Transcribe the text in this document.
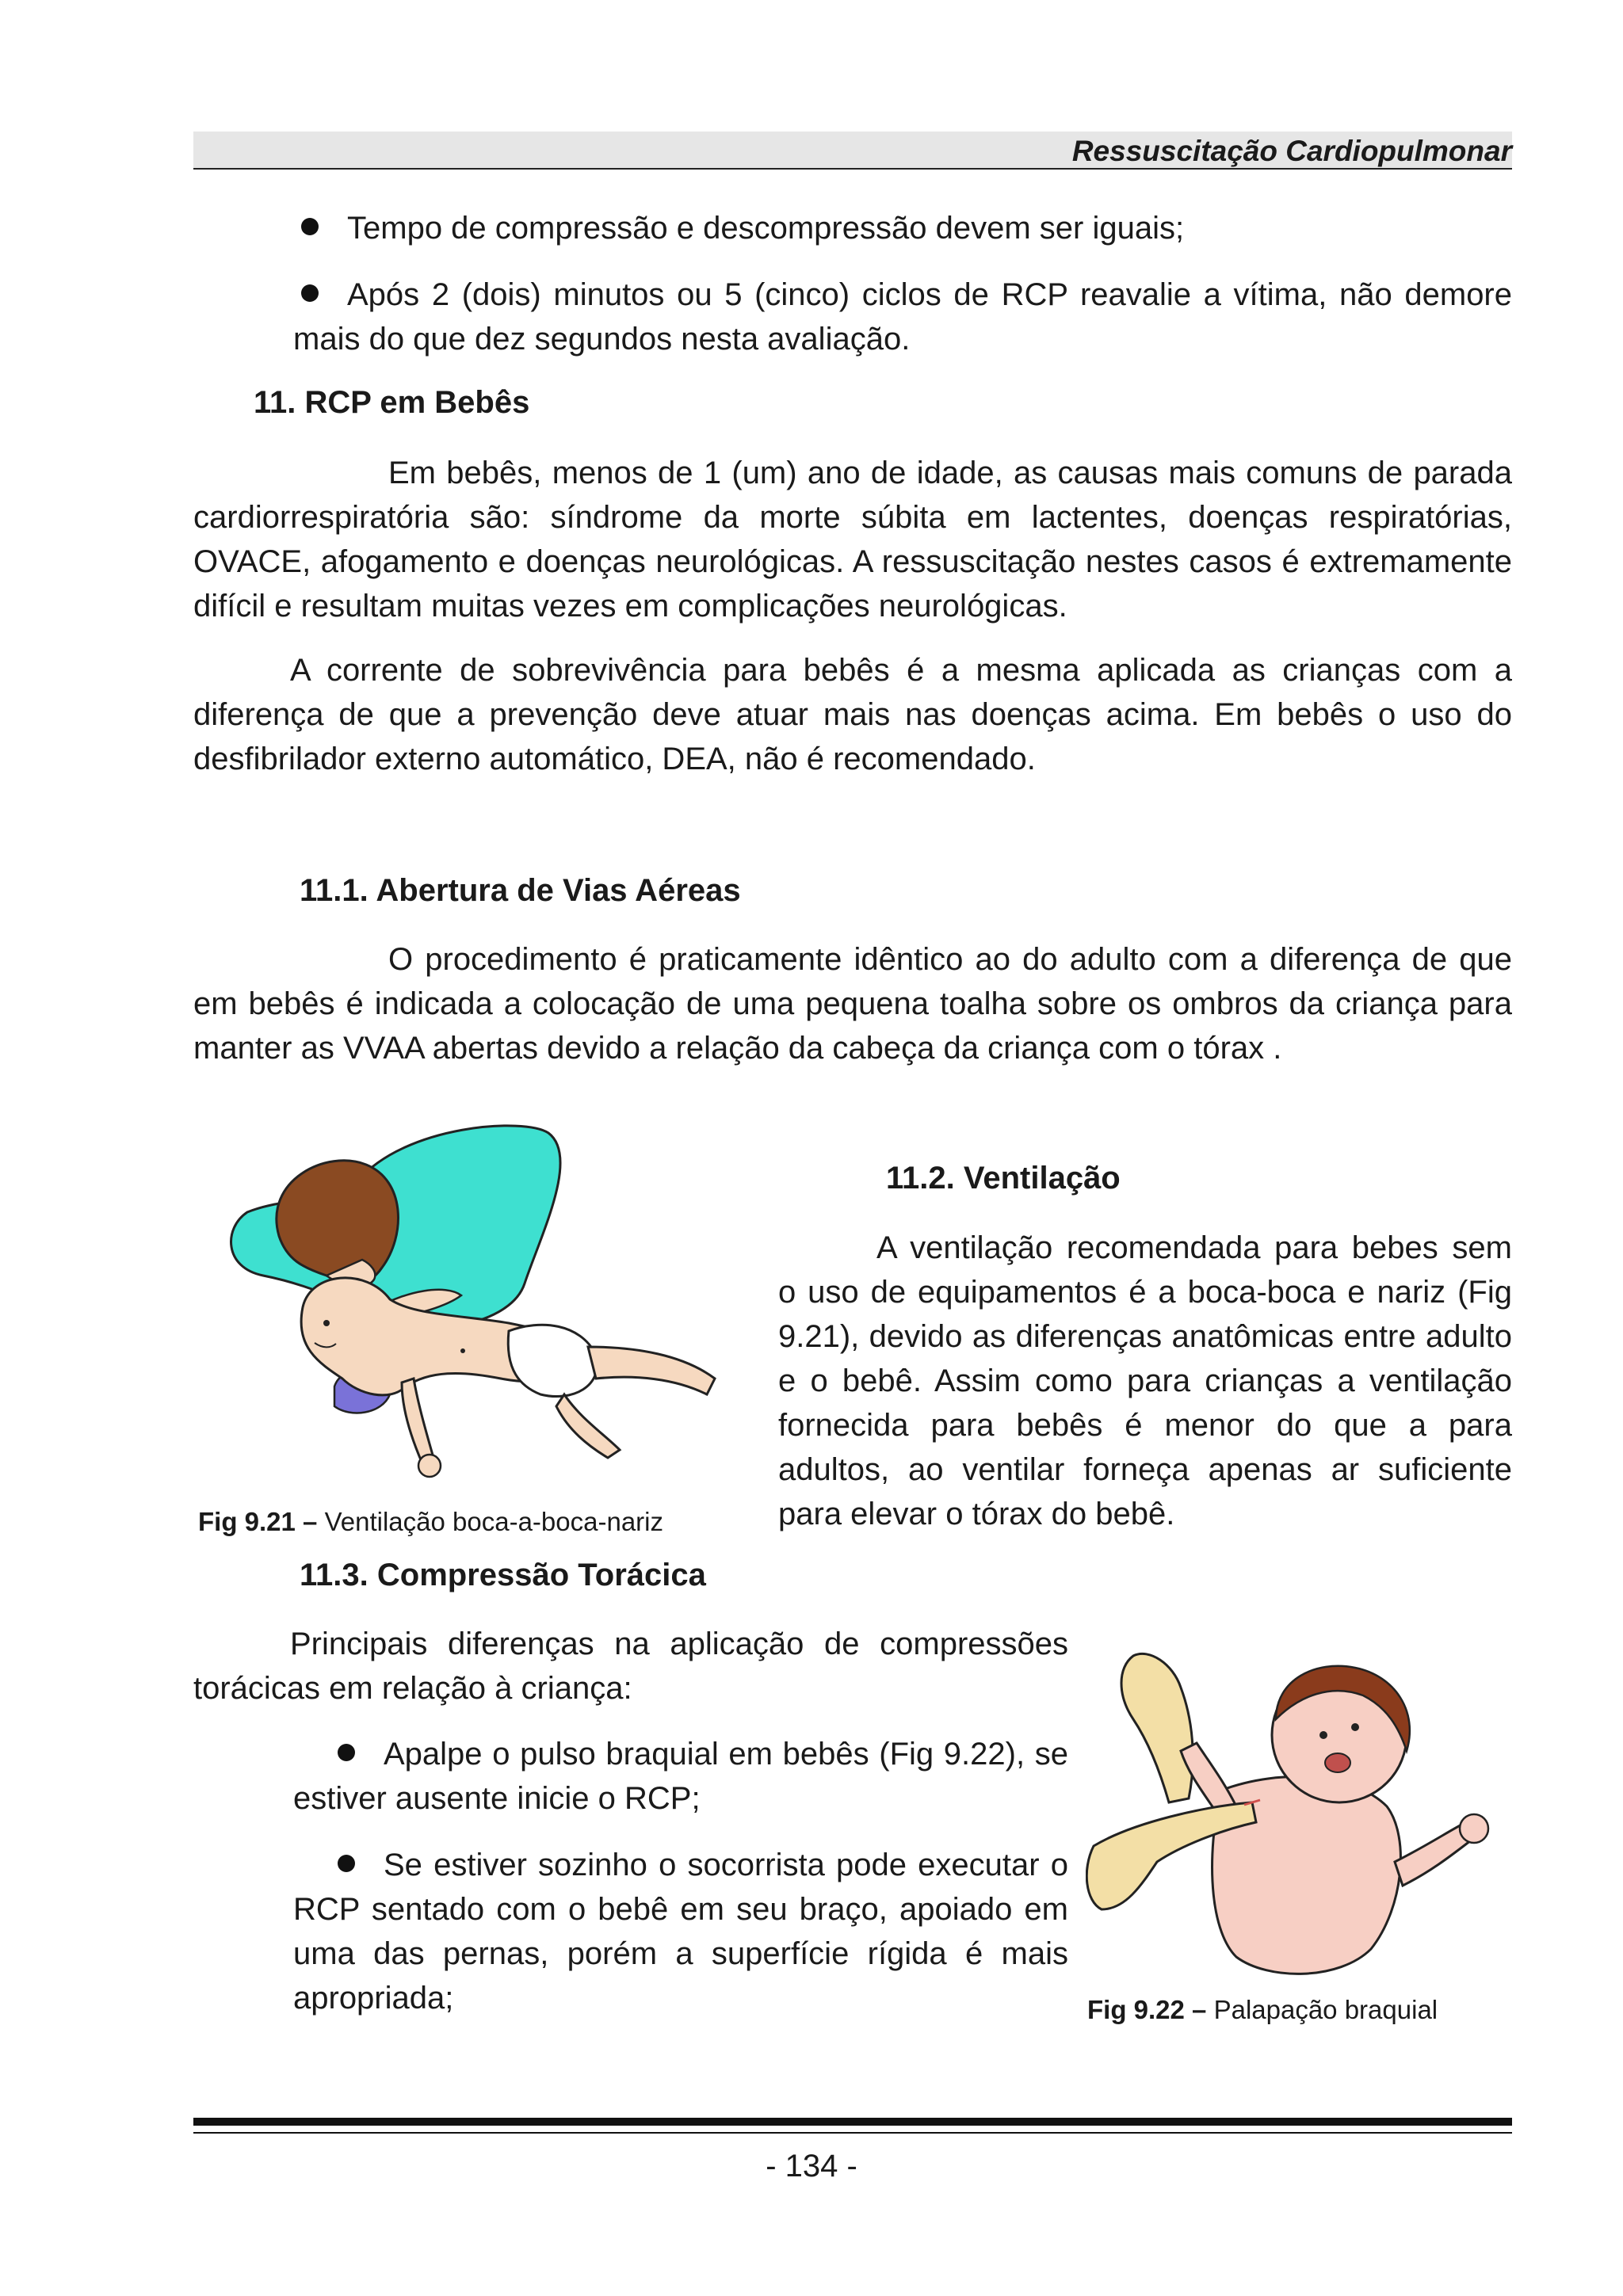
Ressuscitação Cardiopulmonar
Tempo de compressão e descompressão devem ser iguais;
Após 2 (dois) minutos ou 5 (cinco) ciclos de RCP reavalie a vítima, não demore mais do que dez segundos nesta avaliação.
11. RCP em Bebês
Em bebês, menos de 1 (um) ano de idade, as causas mais comuns de parada cardiorrespiratória são: síndrome da morte súbita em lactentes, doenças respiratórias, OVACE, afogamento e doenças neurológicas. A ressuscitação nestes casos é extremamente difícil e resultam muitas vezes em complicações neurológicas.
A corrente de sobrevivência para bebês é a mesma aplicada as crianças com a diferença de que a prevenção deve atuar mais nas doenças acima. Em bebês o uso do desfibrilador externo automático, DEA, não é recomendado.
11.1. Abertura de Vias Aéreas
O procedimento é praticamente idêntico ao do adulto com a diferença de que em bebês é indicada a colocação de uma pequena toalha sobre os ombros da criança para manter as VVAA abertas devido a relação da cabeça da criança com o tórax .
Fig 9.21 – Ventilação boca-a-boca-nariz
11.2. Ventilação
A ventilação recomendada para bebes sem o uso de equipamentos é a boca-boca e nariz (Fig 9.21), devido as diferenças anatômicas entre adulto e o bebê. Assim como para crianças a ventilação fornecida para bebês é menor do que a para adultos, ao ventilar forneça apenas ar suficiente para elevar o tórax do bebê.
11.3. Compressão Torácica
Principais diferenças na aplicação de compressões torácicas em relação à criança:
Apalpe o pulso braquial em bebês (Fig 9.22), se estiver ausente inicie o RCP;
Se estiver sozinho o socorrista pode executar o RCP sentado com o bebê em seu braço, apoiado em uma das pernas, porém a superfície rígida é mais apropriada;	Fig 9.22 – Palapação braquial
- 134 -
